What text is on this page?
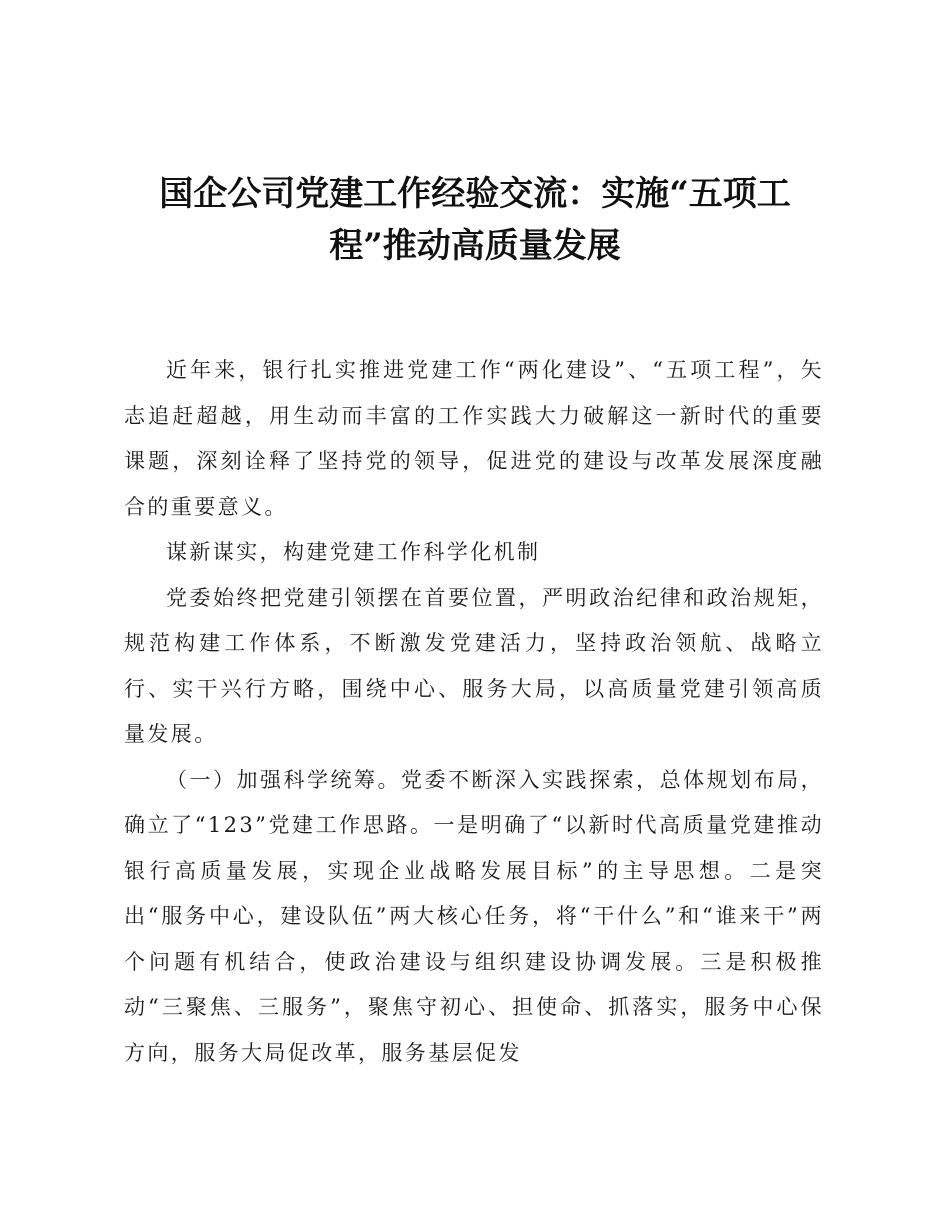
国企公司党建工作经验交流：实施“五项工
程”推动高质量发展

近年来，银行扎实推进党建工作“两化建设”、“五项工程”，矢志追赶超越，用生动而丰富的工作实践大力破解这一新时代的重要课题，深刻诠释了坚持党的领导，促进党的建设与改革发展深度融合的重要意义。

谋新谋实，构建党建工作科学化机制

党委始终把党建引领摆在首要位置，严明政治纪律和政治规矩，规范构建工作体系，不断激发党建活力，坚持政治领航、战略立行、实干兴行方略，围绕中心、服务大局，以高质量党建引领高质量发展。

（一）加强科学统筹。党委不断深入实践探索，总体规划布局，确立了“123”党建工作思路。一是明确了“以新时代高质量党建推动银行高质量发展，实现企业战略发展目标”的主导思想。二是突出“服务中心，建设队伍”两大核心任务，将“干什么”和“谁来干”两个问题有机结合，使政治建设与组织建设协调发展。三是积极推动“三聚焦、三服务”，聚焦守初心、担使命、抓落实，服务中心保方向，服务大局促改革，服务基层促发
